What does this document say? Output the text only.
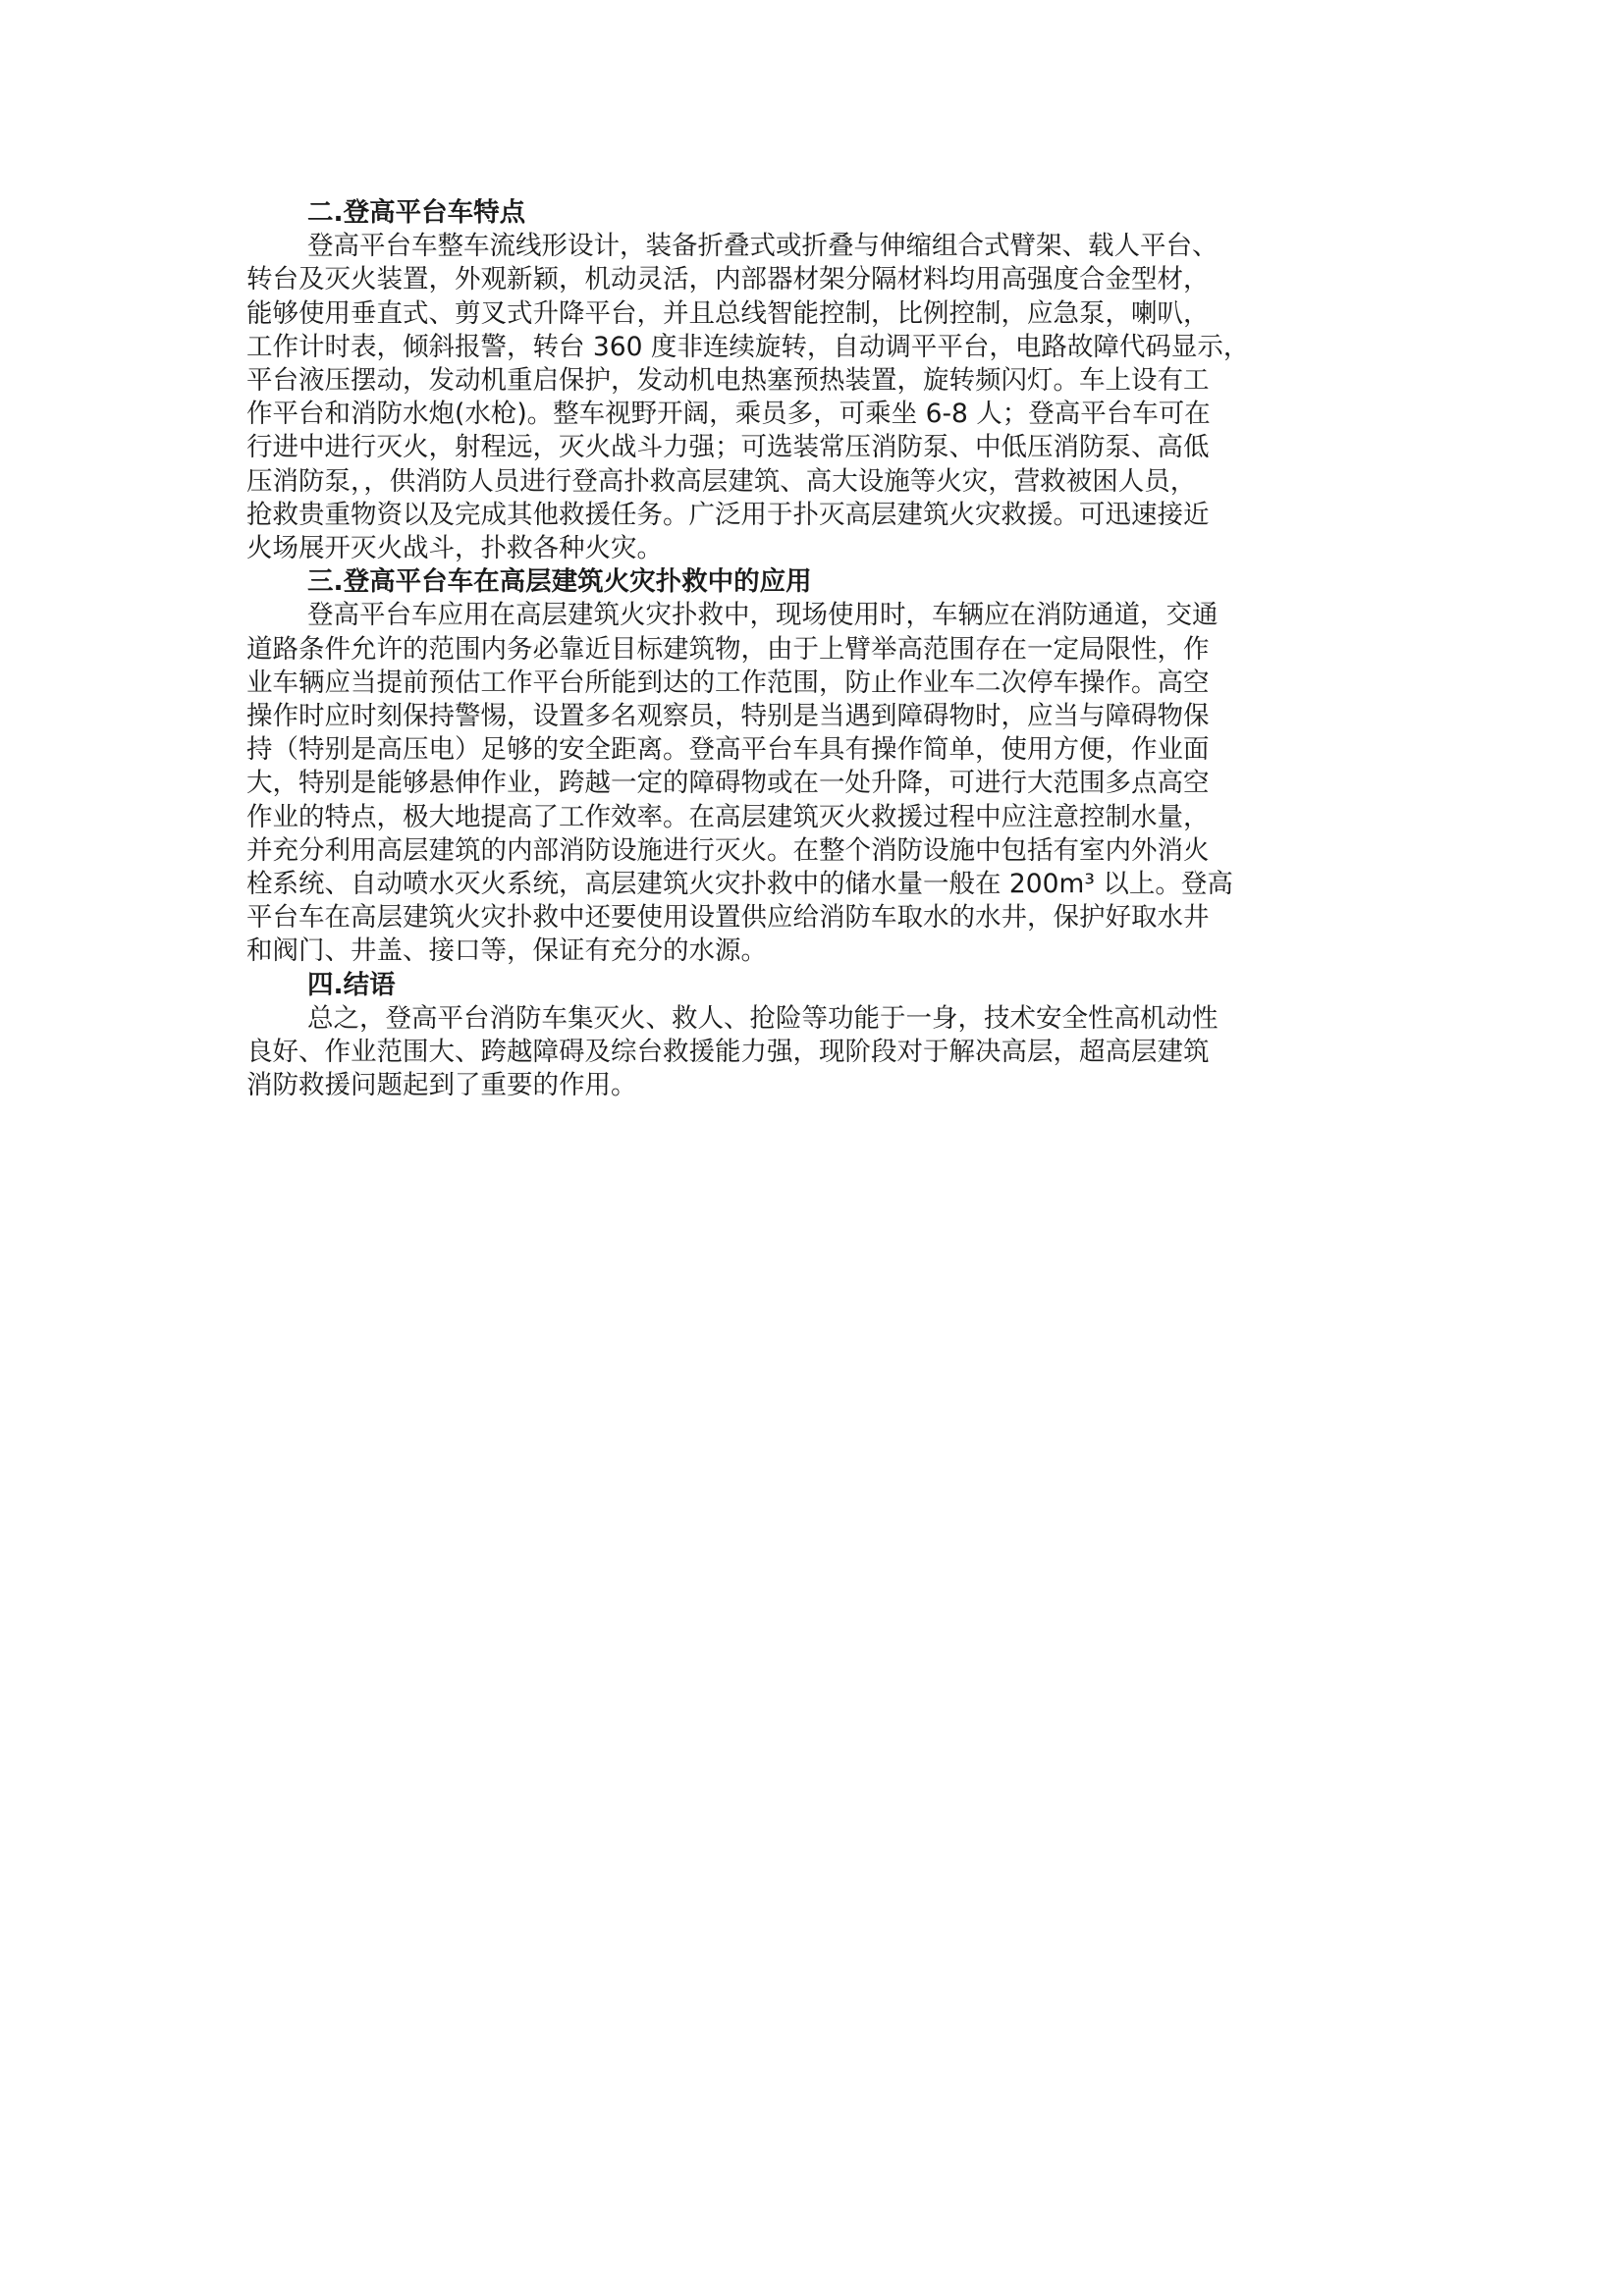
二.登高平台车特点

登高平台车整车流线形设计，装备折叠式或折叠与伸缩组合式臂架、载人平台、
转台及灭火装置，外观新颖，机动灵活，内部器材架分隔材料均用高强度合金型材，
能够使用垂直式、剪叉式升降平台，并且总线智能控制，比例控制，应急泵，喇叭，
工作计时表，倾斜报警，转台 360 度非连续旋转，自动调平平台，电路故障代码显示，
平台液压摆动，发动机重启保护，发动机电热塞预热装置，旋转频闪灯。车上设有工
作平台和消防水炮(水枪)。整车视野开阔，乘员多，可乘坐 6-8 人；登高平台车可在
行进中进行灭火，射程远，灭火战斗力强；可选装常压消防泵、中低压消防泵、高低
压消防泵，，供消防人员进行登高扑救高层建筑、高大设施等火灾，营救被困人员，
抢救贵重物资以及完成其他救援任务。广泛用于扑灭高层建筑火灾救援。可迅速接近
火场展开灭火战斗，扑救各种火灾。

三.登高平台车在高层建筑火灾扑救中的应用

登高平台车应用在高层建筑火灾扑救中，现场使用时，车辆应在消防通道，交通
道路条件允许的范围内务必靠近目标建筑物，由于上臂举高范围存在一定局限性，作
业车辆应当提前预估工作平台所能到达的工作范围，防止作业车二次停车操作。高空
操作时应时刻保持警惕，设置多名观察员，特别是当遇到障碍物时，应当与障碍物保
持（特别是高压电）足够的安全距离。登高平台车具有操作简单，使用方便，作业面
大，特别是能够悬伸作业，跨越一定的障碍物或在一处升降，可进行大范围多点高空
作业的特点，极大地提高了工作效率。在高层建筑灭火救援过程中应注意控制水量，
并充分利用高层建筑的内部消防设施进行灭火。在整个消防设施中包括有室内外消火
栓系统、自动喷水灭火系统，高层建筑火灾扑救中的储水量一般在 200m³ 以上。登高
平台车在高层建筑火灾扑救中还要使用设置供应给消防车取水的水井，保护好取水井
和阀门、井盖、接口等，保证有充分的水源。

四.结语

总之，登高平台消防车集灭火、救人、抢险等功能于一身，技术安全性高机动性
良好、作业范围大、跨越障碍及综台救援能力强，现阶段对于解决高层，超高层建筑
消防救援问题起到了重要的作用。
